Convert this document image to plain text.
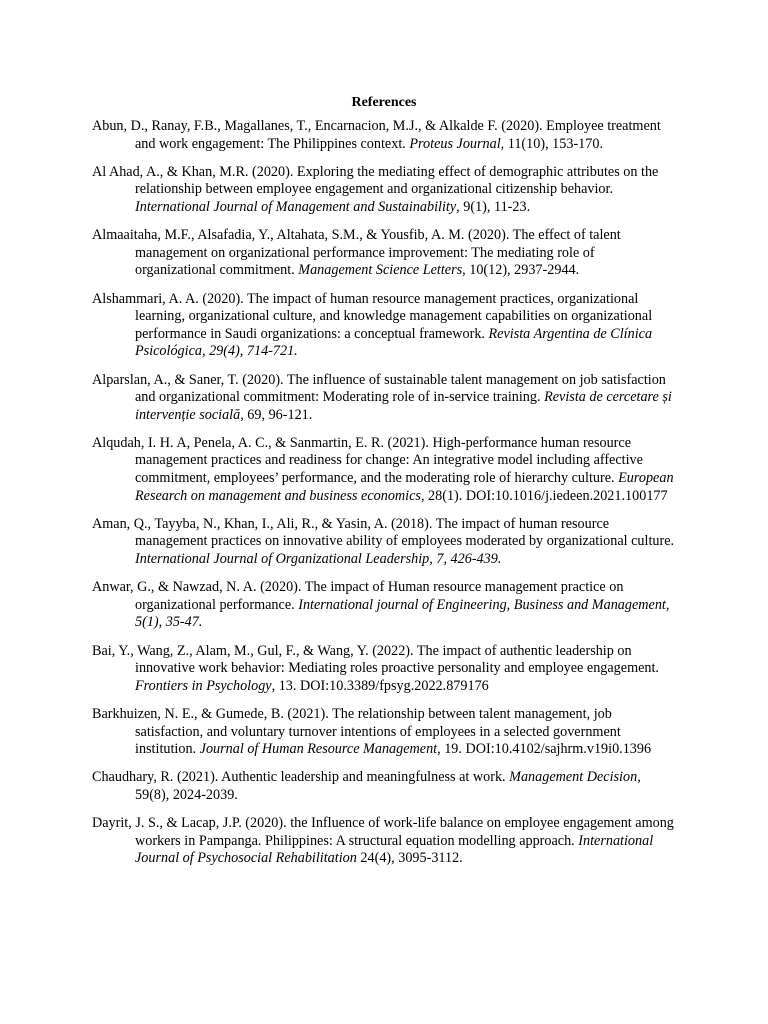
References

Abun, D., Ranay, F.B., Magallanes, T., Encarnacion, M.J., & Alkalde F. (2020). Employee treatment and work engagement: The Philippines context. Proteus Journal, 11(10), 153-170.

Al Ahad, A., & Khan, M.R. (2020). Exploring the mediating effect of demographic attributes on the relationship between employee engagement and organizational citizenship behavior. International Journal of Management and Sustainability, 9(1), 11-23.

Almaaitaha, M.F., Alsafadia, Y., Altahata, S.M., & Yousfib, A. M. (2020). The effect of talent management on organizational performance improvement: The mediating role of organizational commitment. Management Science Letters, 10(12), 2937-2944.

Alshammari, A. A. (2020). The impact of human resource management practices, organizational learning, organizational culture, and knowledge management capabilities on organizational performance in Saudi organizations: a conceptual framework. Revista Argentina de Clínica Psicológica, 29(4), 714-721.

Alparslan, A., & Saner, T. (2020). The influence of sustainable talent management on job satisfaction and organizational commitment: Moderating role of in-service training. Revista de cercetare și intervenție socială, 69, 96-121.

Alqudah, I. H. A, Penela, A. C., & Sanmartin, E. R. (2021). High-performance human resource management practices and readiness for change: An integrative model including affective commitment, employees’ performance, and the moderating role of hierarchy culture. European Research on management and business economics, 28(1). DOI:10.1016/j.iedeen.2021.100177

Aman, Q., Tayyba, N., Khan, I., Ali, R., & Yasin, A. (2018). The impact of human resource management practices on innovative ability of employees moderated by organizational culture. International Journal of Organizational Leadership, 7, 426-439.

Anwar, G., & Nawzad, N. A. (2020). The impact of Human resource management practice on organizational performance. International journal of Engineering, Business and Management, 5(1), 35-47.

Bai, Y., Wang, Z., Alam, M., Gul, F., & Wang, Y. (2022). The impact of authentic leadership on innovative work behavior: Mediating roles proactive personality and employee engagement. Frontiers in Psychology, 13. DOI:10.3389/fpsyg.2022.879176

Barkhuizen, N. E., & Gumede, B. (2021). The relationship between talent management, job satisfaction, and voluntary turnover intentions of employees in a selected government institution. Journal of Human Resource Management, 19. DOI:10.4102/sajhrm.v19i0.1396

Chaudhary, R. (2021). Authentic leadership and meaningfulness at work. Management Decision, 59(8), 2024-2039.

Dayrit, J. S., & Lacap, J.P. (2020). the Influence of work-life balance on employee engagement among workers in Pampanga. Philippines: A structural equation modelling approach. International Journal of Psychosocial Rehabilitation 24(4), 3095-3112.
